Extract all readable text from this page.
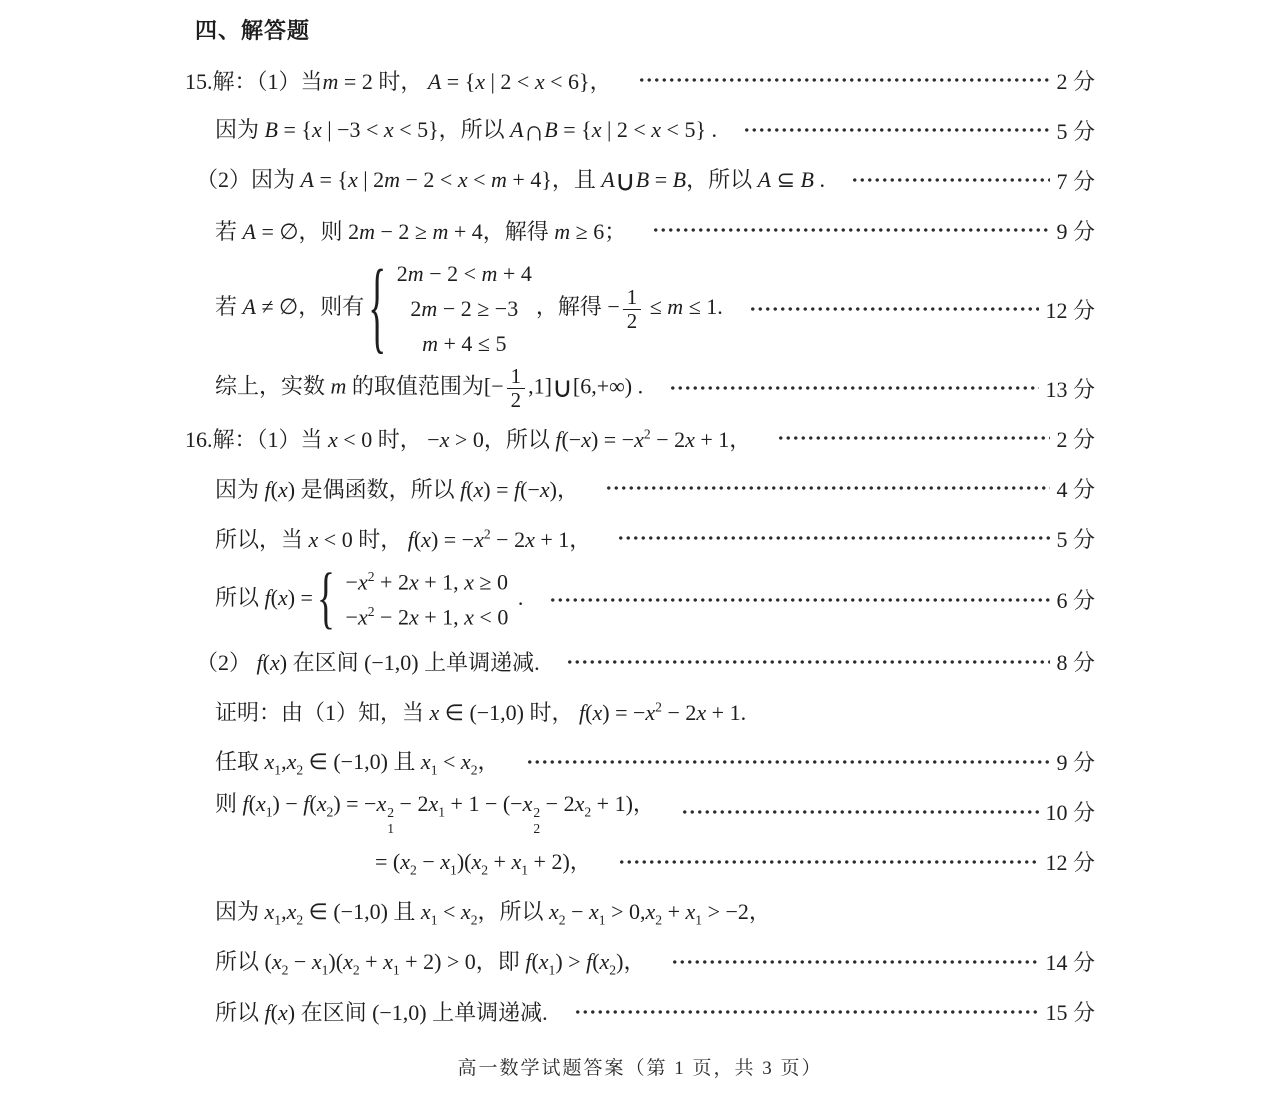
四、解答题
15.解：（1）当m = 2 时， A = {x | 2 < x < 6}，	2 分
因为 B = {x | −3 < x < 5}，所以 A∩B = {x | 2 < x < 5} .	5 分
（2）因为 A = {x | 2m − 2 < x < m + 4}，且 A∪B = B，所以 A ⊆ B .	7 分
若 A = ∅，则 2m − 2 ≥ m + 4，解得 m ≥ 6；	9 分
若 A ≠ ∅，则有 { 2m − 2 < m + 4
2m − 2 ≥ −3
m + 4 ≤ 5
，解得 − $\frac{1}{2} \le m \le 1$.	12 分
综上，实数 m 的取值范围为[− $\frac{1}{2}$ ,1]∪[6,+∞) .	13 分
16.解：（1）当 x < 0 时， −x > 0，所以 $f(-x) = -x^2 - 2x + 1$，	2 分
因为 f(x) 是偶函数，所以 f(x) = f(−x)，	4 分
所以，当 x < 0 时， $f(x) = -x^2 - 2x + 1$，	5 分
所以 f(x) = { $-x^2 + 2x + 1$, x ≥ 0
$-x^2 - 2x + 1$, x < 0
.	6 分
（2） f(x) 在区间 (−1,0) 上单调递减.	8 分
证明：由（1）知，当 x ∈ (−1,0) 时， $f(x) = -x^2 - 2x + 1$.
任取 $x_1,x_2$ ∈ (−1,0) 且 $x_1 < x_2$，	9 分
则 $f(x_1) - f(x_2) = -x$ 2
1
− $2x_1 + 1 - (-x$ 2
2
− $2x_2 + 1$)，	10 分
= $(x_2 - x_1)(x_2 + x_1 + 2)$，	12 分
因为 $x_1,x_2$ ∈ (−1,0) 且 $x_1 < x_2$，所以 $x_2 - x_1 > 0,x_2 + x_1 > -2$，
所以 $(x_2 - x_1)(x_2 + x_1 + 2) > 0$，即 $f(x_1) > f(x_2)$，	14 分
所以 f(x) 在区间 (−1,0) 上单调递减.	15 分
高一数学试题答案（第 1 页，共 3 页）
